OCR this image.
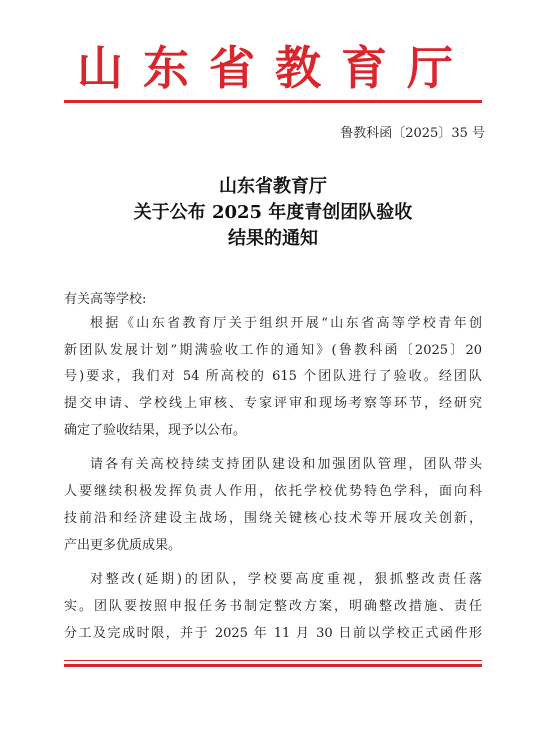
山东省教育厅
鲁教科函〔2025〕35 号
山东省教育厅
关于公布 2025 年度青创团队验收
结果的通知
有关高等学校:
根据《山东省教育厅关于组织开展“山东省高等学校青年创
新团队发展计划”期满验收工作的通知》(鲁教科函〔2025〕20
号)要求，我们对 54 所高校的 615 个团队进行了验收。经团队
提交申请、学校线上审核、专家评审和现场考察等环节，经研究
确定了验收结果，现予以公布。
请各有关高校持续支持团队建设和加强团队管理，团队带头
人要继续积极发挥负责人作用，依托学校优势特色学科，面向科
技前沿和经济建设主战场，围绕关键核心技术等开展攻关创新，
产出更多优质成果。
对整改(延期)的团队，学校要高度重视，狠抓整改责任落
实。团队要按照申报任务书制定整改方案，明确整改措施、责任
分工及完成时限，并于 2025 年 11 月 30 日前以学校正式函件形
